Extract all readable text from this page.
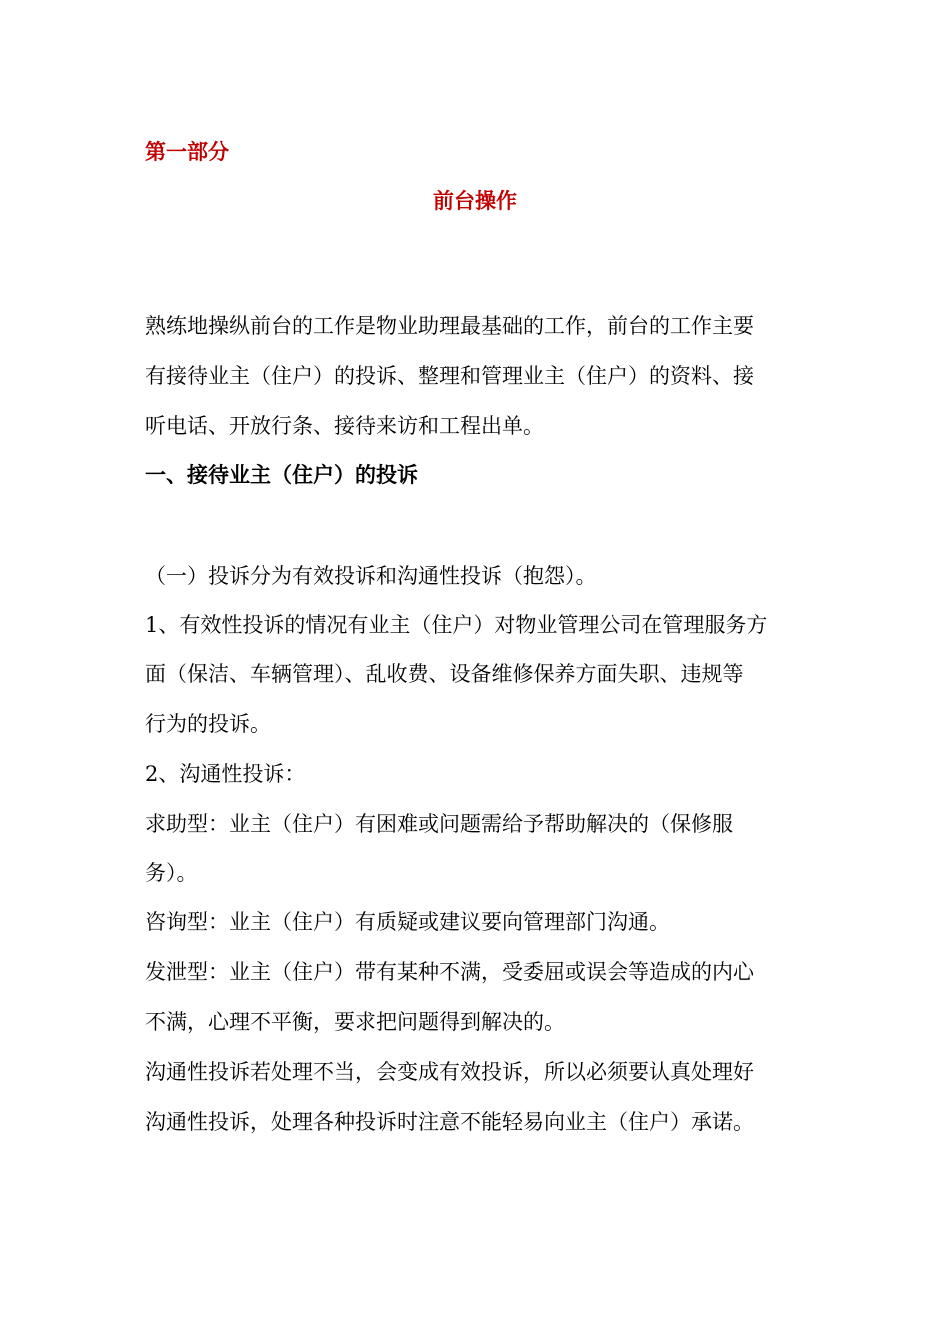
第一部分
前台操作
熟练地操纵前台的工作是物业助理最基础的工作，前台的工作主要
有接待业主（住户）的投诉、整理和管理业主（住户）的资料、接
听电话、开放行条、接待来访和工程出单。
一、接待业主（住户）的投诉
（一）投诉分为有效投诉和沟通性投诉（抱怨）。
1、有效性投诉的情况有业主（住户）对物业管理公司在管理服务方
面（保洁、车辆管理）、乱收费、设备维修保养方面失职、违规等
行为的投诉。
2、沟通性投诉：
求助型：业主（住户）有困难或问题需给予帮助解决的（保修服
务）。
咨询型：业主（住户）有质疑或建议要向管理部门沟通。
发泄型：业主（住户）带有某种不满，受委屈或误会等造成的内心
不满，心理不平衡，要求把问题得到解决的。
沟通性投诉若处理不当，会变成有效投诉，所以必须要认真处理好
沟通性投诉，处理各种投诉时注意不能轻易向业主（住户）承诺。
